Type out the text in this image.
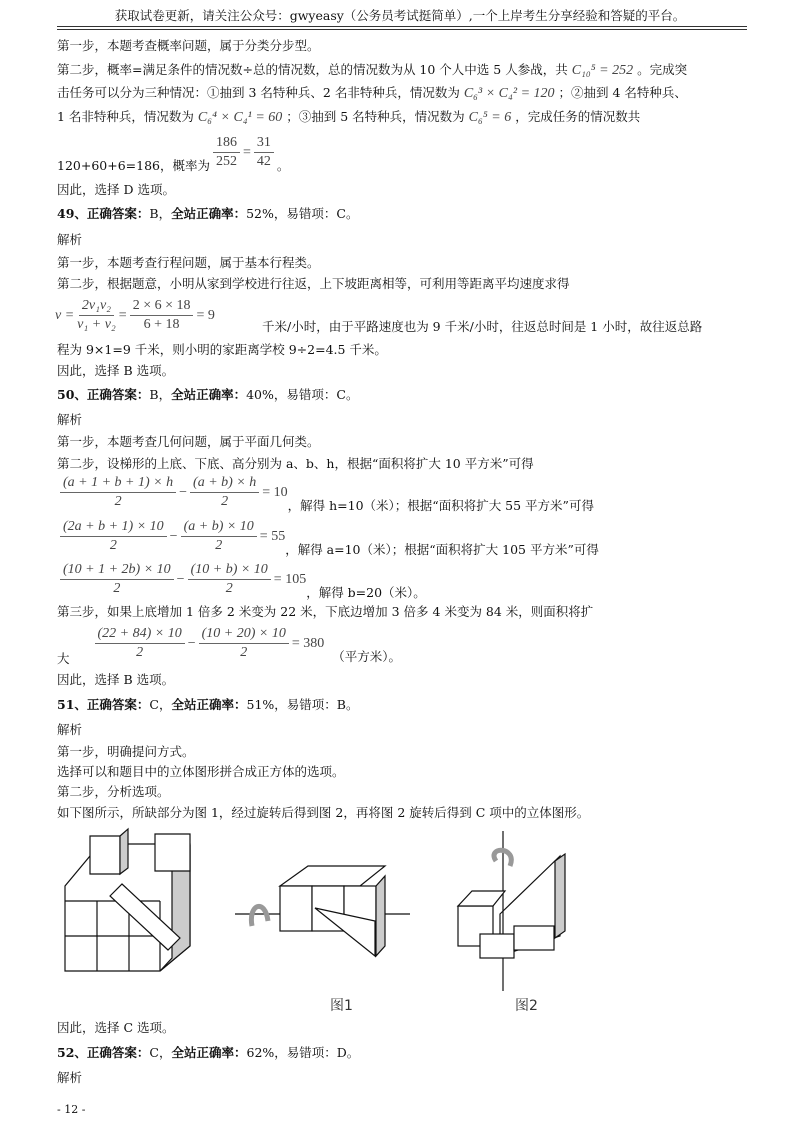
获取试卷更新，请关注公众号：gwyeasy（公务员考试挺简单）,一个上岸考生分享经验和答疑的平台。
第一步，本题考查概率问题，属于分类分步型。
第二步，概率=满足条件的情况数÷总的情况数，总的情况数为从 10 个人中选 5 人参战，共 C₁₀⁵ = 252 。完成突
击任务可以分为三种情况：①抽到 3 名特种兵、2 名非特种兵，情况数为 C₆³ × C₄² = 120 ；②抽到 4 名特种兵、
1 名非特种兵，情况数为 C₆⁴ × C₄¹ = 60 ；③抽到 5 名特种兵，情况数为 C₆⁵ = 6 ，完成任务的情况数共
120+60+6=186，概率为 $\frac{186}{252} = \frac{31}{42}$ 。
因此，选择 D 选项。
49、正确答案：B，全站正确率：52%，易错项：C。
解析
第一步，本题考查行程问题，属于基本行程类。
第二步，根据题意，小明从家到学校进行往返，上下坡距离相等，可利用等距离平均速度求得
$v = \frac{\text{2v₁v₂}}{\text{v₁ + v₂}} = \frac{2 \times 6 \times 18}{6 + 18} = 9$
千米/小时，由于平路速度也为 9 千米/小时，往返总时间是 1 小时，故往返总路
程为 9×1=9 千米，则小明的家距离学校 9÷2=4.5 千米。
因此，选择 B 选项。
50、正确答案：B，全站正确率：40%，易错项：C。
解析
第一步，本题考查几何问题，属于平面几何类。
第二步，设梯形的上底、下底、高分别为 a、b、h，根据“面积将扩大 10 平方米”可得
$\frac{(a + 1 + b + 1) \times h}{2} - \frac{(a + b) \times h}{2} = 10$，解得 h=10（米）；根据“面积将扩大 55 平方米”可得
$\frac{(2a + b + 1) \times 10}{2} - \frac{(a + b) \times 10}{2} = 55$，解得 a=10（米）；根据“面积将扩大 105 平方米”可得
$\frac{(10 + 1 + 2b) \times 10}{2} - \frac{(10 + b) \times 10}{2} = 105$，解得 b=20（米）。
第三步，如果上底增加 1 倍多 2 米变为 22 米，下底边增加 3 倍多 4 米变为 84 米，则面积将扩
大 $\frac{(22 + 84) \times 10}{2} - \frac{(10 + 20) \times 10}{2} = 380$（平方米）。
因此，选择 B 选项。
51、正确答案：C，全站正确率：51%，易错项：B。
解析
第一步，明确提问方式。
选择可以和题目中的立体图形拼合成正方体的选项。
第二步，分析选项。
如下图所示，所缺部分为图 1，经过旋转后得到图 2，再将图 2 旋转后得到 C 项中的立体图形。
图1	图2
因此，选择 C 选项。
52、正确答案：C，全站正确率：62%，易错项：D。
解析
- 12 -
